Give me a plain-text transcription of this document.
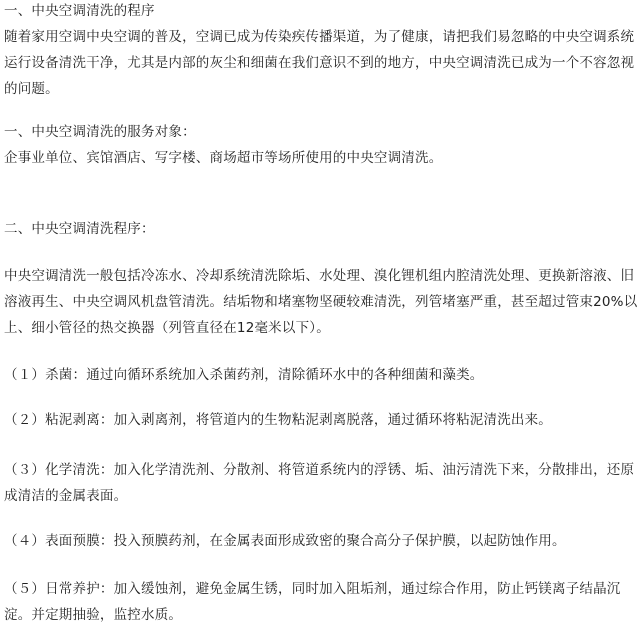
一、中央空调清洗的程序
随着家用空调中央空调的普及，空调已成为传染疾传播渠道，为了健康，请把我们易忽略的中央空调系统运行设备清洗干净，尤其是内部的灰尘和细菌在我们意识不到的地方，中央空调清洗已成为一个不容忽视的问题。
一、中央空调清洗的服务对象：
企事业单位、宾馆酒店、写字楼、商场超市等场所使用的中央空调清洗。
二、中央空调清洗程序：
中央空调清洗一般包括冷冻水、冷却系统清洗除垢、水处理、溴化锂机组内腔清洗处理、更换新溶液、旧溶液再生、中央空调风机盘管清洗。结垢物和堵塞物坚硬较难清洗，列管堵塞严重，甚至超过管束20%以上、细小管径的热交换器（列管直径在12毫米以下）。
（１）杀菌：通过向循环系统加入杀菌药剂，清除循环水中的各种细菌和藻类。
（２）粘泥剥离：加入剥离剂，将管道内的生物粘泥剥离脱落，通过循环将粘泥清洗出来。
（３）化学清洗：加入化学清洗剂、分散剂、将管道系统内的浮锈、垢、油污清洗下来，分散排出，还原成清洁的金属表面。
（４）表面预膜：投入预膜药剂，在金属表面形成致密的聚合高分子保护膜，以起防蚀作用。
（５）日常养护：加入缓蚀剂，避免金属生锈，同时加入阻垢剂，通过综合作用，防止钙镁离子结晶沉淀。并定期抽验，监控水质。
